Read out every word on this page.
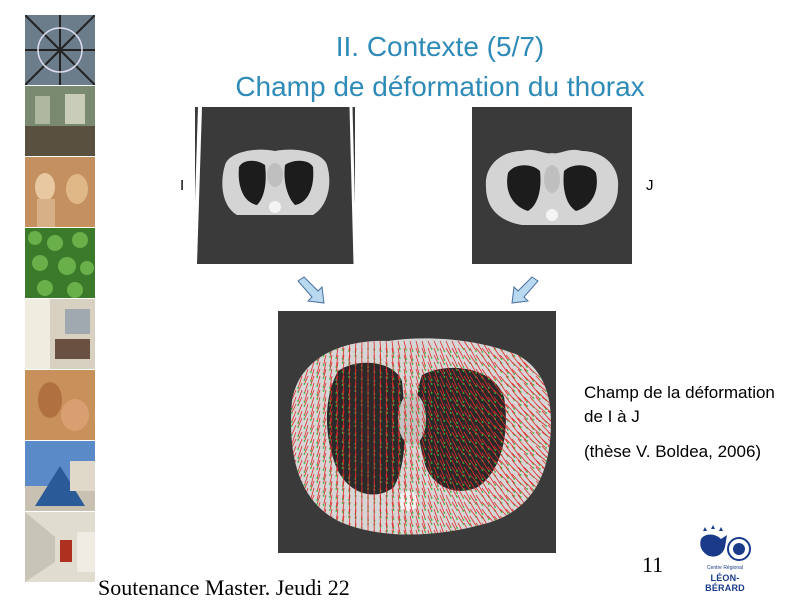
II. Contexte (5/7)
Champ de déformation du thorax
I	J
Champ de la déformation de I à J
(thèse V. Boldea, 2006)
11
Soutenance Master. Jeudi 22
Centre Régional
LÉON-BÉRARD
